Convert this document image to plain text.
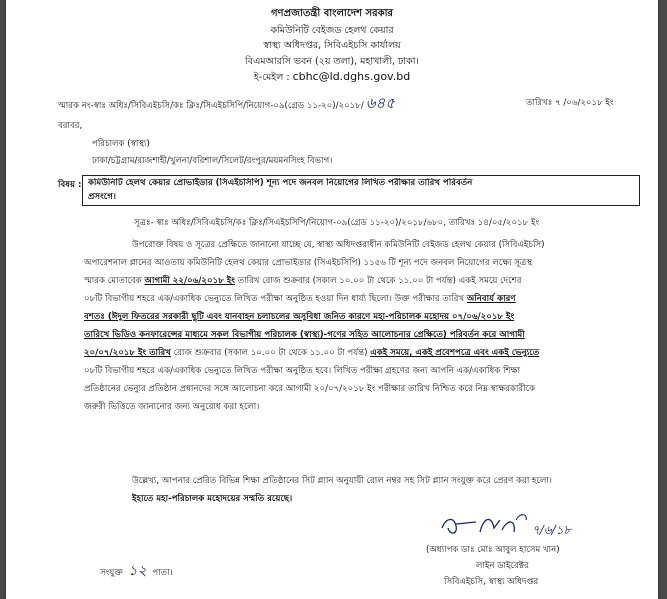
গণপ্রজাতন্ত্রী বাংলাদেশ সরকার
কমিউনিটি বেইজড হেলথ কেয়ার
স্বাস্থ্য অধিদপ্তর, সিবিএইচসি কার্যালয়
বিএমআরসি ভবন (২য় তলা), মহাখালী, ঢাকা।
ই-মেইল : cbhc@ld.dghs.gov.bd
স্মারক নং-স্বাঃ অধিঃ/সিবিএইচসি/কঃ ক্লিঃ/সিএইচসিপি/নিয়োগ-০৯(গ্রেড ১১-২০)/২০১৮/ ৬৪৫	তারিখঃ ৭ /০৬/২০১৮ ইং
বরাবর,
পরিচালক (স্বাস্থ্য)
ঢাকা/চট্টগ্রাম/রাজশাহী/খুলনা/বরিশাল/সিলেট/রংপুর/ময়মনসিংহ বিভাগ।
বিষয় : কমিউনিটি হেলথ কেয়ার প্রোভাইডার (সিএইচসিপি) শূন্য পদে জনবল নিয়োগের লিখিত পরীক্ষার তারিখ পরিবর্তন
প্রসংগে।
সূত্রঃ- স্বাঃ অধিঃ/সিবিএইচসি/কঃ ক্লিঃ/সিএইচসিপি/নিয়োগ-০৯(গ্রেড ১১-২০)/২০১৮/৬৮০, তারিখঃ ১৪/০৫/২০১৮ ইং
উপরোক্ত বিষয় ও সূত্রের প্রেক্ষিতে জানানো যাচ্ছে যে, স্বাস্থ্য অধিদপ্তরাধীন কমিউনিটি বেইজড হেলথ কেয়ার (সিবিএইচসি)
অপারেশনাল প্লানের আওতায় কমিউনিটি হেলথ কেয়ার প্রোভাইডার (সিএইচসিপি) ১১৫৬ টি শূন্য পদে জনবল নিয়োগের লক্ষ্যে সূত্রস্থ
স্মারক মোতাবেক আগামী ২২/০৬/২০১৮ ইং তারিখ রোজ শুক্রবার (সকাল ১০.০০ টা থেকে ১১.০০ টা পর্যন্ত) একই সময়ে দেশের
০৮টি বিভাগীয় শহরে এক/একাধিক ভেন্যুতে লিখিত পরীক্ষা অনুষ্ঠিত হওয়া দিন ধার্য্য ছিলো। উক্ত পরীক্ষার তারিখ অনিবার্য কারণ
বশতঃ (ঈদুল ফিতরের সরকারী ছুটি এবং যানবাহন চলাচলের অসুবিধা জনিত কারণে মহা-পরিচালক মহোদয় ০৭/০৬/২০১৮ ইং
তারিখে ভিডিও কনফারেন্সের মাধ্যমে সকল বিভাগীয় পরিচালক (স্বাস্থ্য)-গণের সহিত আলোচনার প্রেক্ষিতে) পরিবর্তন করে আগামী
২০/০৭/২০১৮ ইং তারিখ রোজ শুক্রবার (সকাল ১০.০০ টা থেকে ১১.০০ টা পর্যন্ত) একই সময়ে, একই প্রবেশপত্রে এবং একই ভেন্যুতে
০৮টি বিভাগীয় শহরে এক/একাধিক ভেন্যুতে লিখিত পরীক্ষা অনুষ্ঠিত হবে। লিখিত পরীক্ষা গ্রহণের জন্য আপনি এক/একাধিক শিক্ষা
প্রতিষ্ঠানের ভেন্যুর প্রতিষ্ঠান প্রধানদের সঙ্গে আলোচনা করে আগামী ২০/০৭/২০১৮ ইং পরীক্ষার তারিখ নিশ্চিত করে নিম্ন স্বাক্ষরকারীকে
জরুরী ভিত্তিতে জানানোর জন্য অনুরোধ করা হলো।
উল্লেখ্য, আপনার প্রেরিত বিভিন্ন শিক্ষা প্রতিষ্ঠানের সিট প্ল্যান অনুযায়ী রোল নম্বর সহ সিট প্ল্যান সংযুক্ত করে প্রেরণ করা হলো।
ইহাতে মহা-পরিচালক মহোদয়ের সম্মতি রয়েছে।
৭/৬/১৮
(অধ্যাপক ডাঃ মোঃ আবুল হাসেম খান)
লাইন ডাইরেক্টর
সিবিএইচসি, স্বাস্থ্য অধিদপ্তর
সংযুক্ত ১২ পাতা।
